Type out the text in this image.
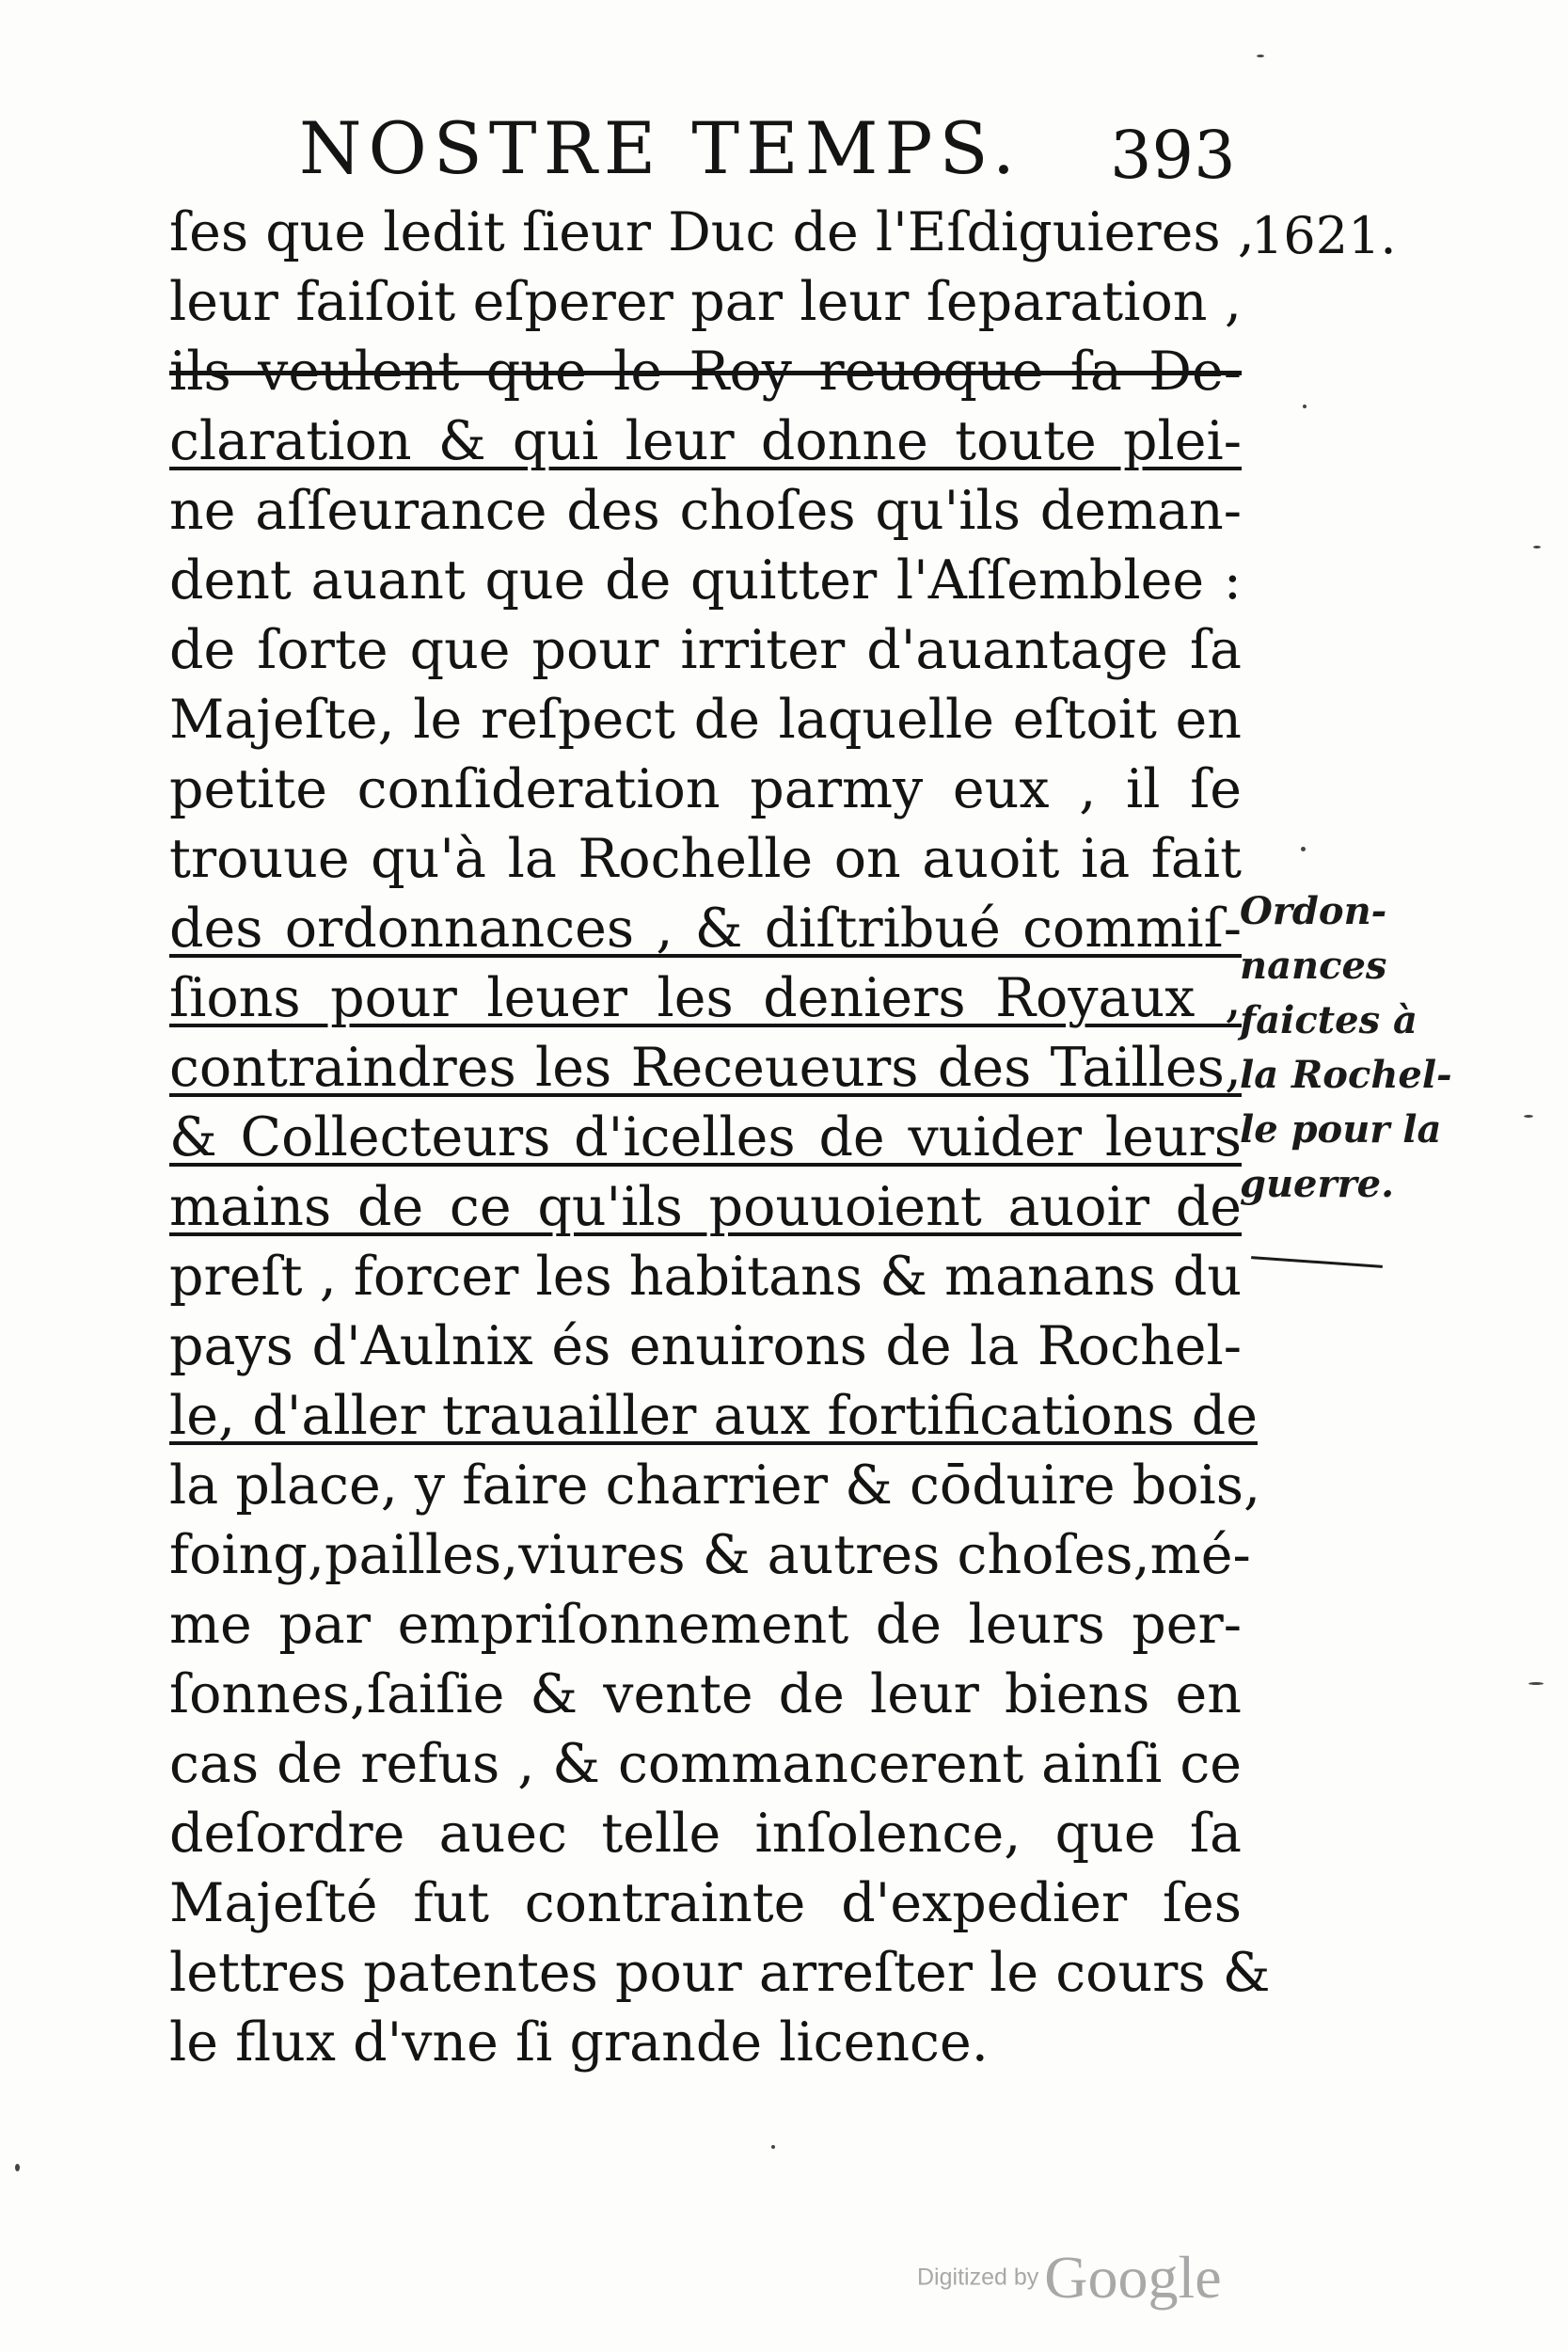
NOSTRE TEMPS. 393
1621.
ſes que ledit ſieur Duc de l'Eſdiguieres ,
leur faiſoit eſperer par leur ſeparation ,
ils veulent que le Roy reuoque ſa De-
claration & qui leur donne toute plei-
ne aſſeurance des choſes qu'ils deman-
dent auant que de quitter l'Aſſemblee :
de ſorte que pour irriter d'auantage ſa
Majeſte, le reſpect de laquelle eſtoit en
petite conſideration parmy eux , il ſe
trouue qu'à la Rochelle on auoit ia fait
des ordonnances , & diſtribué commiſ-
ſions pour leuer les deniers Royaux ,
contraindres les Receueurs des Tailles,
& Collecteurs d'icelles de vuider leurs
mains de ce qu'ils pouuoient auoir de
preſt , forcer les habitans & manans du
pays d'Aulnix és enuirons de la Rochel-
le, d'aller trauailler aux fortifications de
la place, y faire charrier & cōduire bois,
foing,pailles,viures & autres choſes,mé-
me par empriſonnement de leurs per-
ſonnes,ſaiſie & vente de leur biens en
cas de refus , & commancerent ainſi ce
deſordre auec telle inſolence, que ſa
Majeſté fut contrainte d'expedier ſes
lettres patentes pour arreſter le cours &
le flux d'vne ſi grande licence.
Ordon-
nances
faictes à
la Rochel-
le pour la
guerre.
Digitized byGoogle
